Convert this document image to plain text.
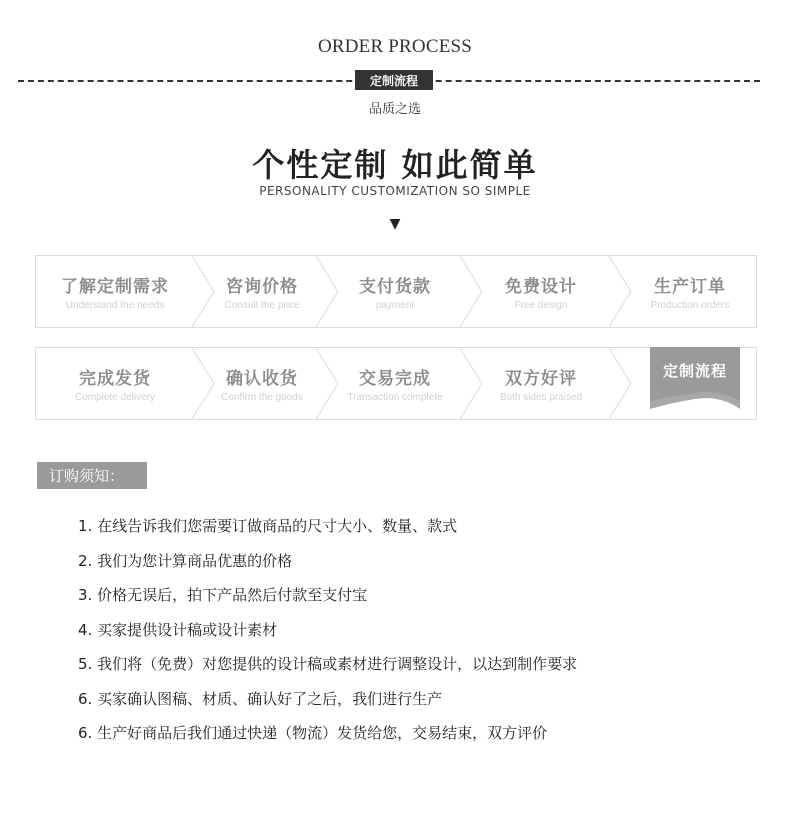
ORDER PROCESS
定制流程
品质之选
个性定制 如此简单
PERSONALITY CUSTOMIZATION SO SIMPLE
▼
了解定制需求
Understand the needs
咨询价格
Consult the price
支付货款
payment
免费设计
Free design
生产订单
Production orders
完成发货
Complete delivery
确认收货
Confirm the goods
交易完成
Transaction complete
双方好评
Both sides praised
定制流程
订购须知：
1. 在线告诉我们您需要订做商品的尺寸大小、数量、款式
2. 我们为您计算商品优惠的价格
3. 价格无误后，拍下产品然后付款至支付宝
4. 买家提供设计稿或设计素材
5. 我们将（免费）对您提供的设计稿或素材进行调整设计，以达到制作要求
6. 买家确认图稿、材质、确认好了之后，我们进行生产
6. 生产好商品后我们通过快递（物流）发货给您，交易结束，双方评价
